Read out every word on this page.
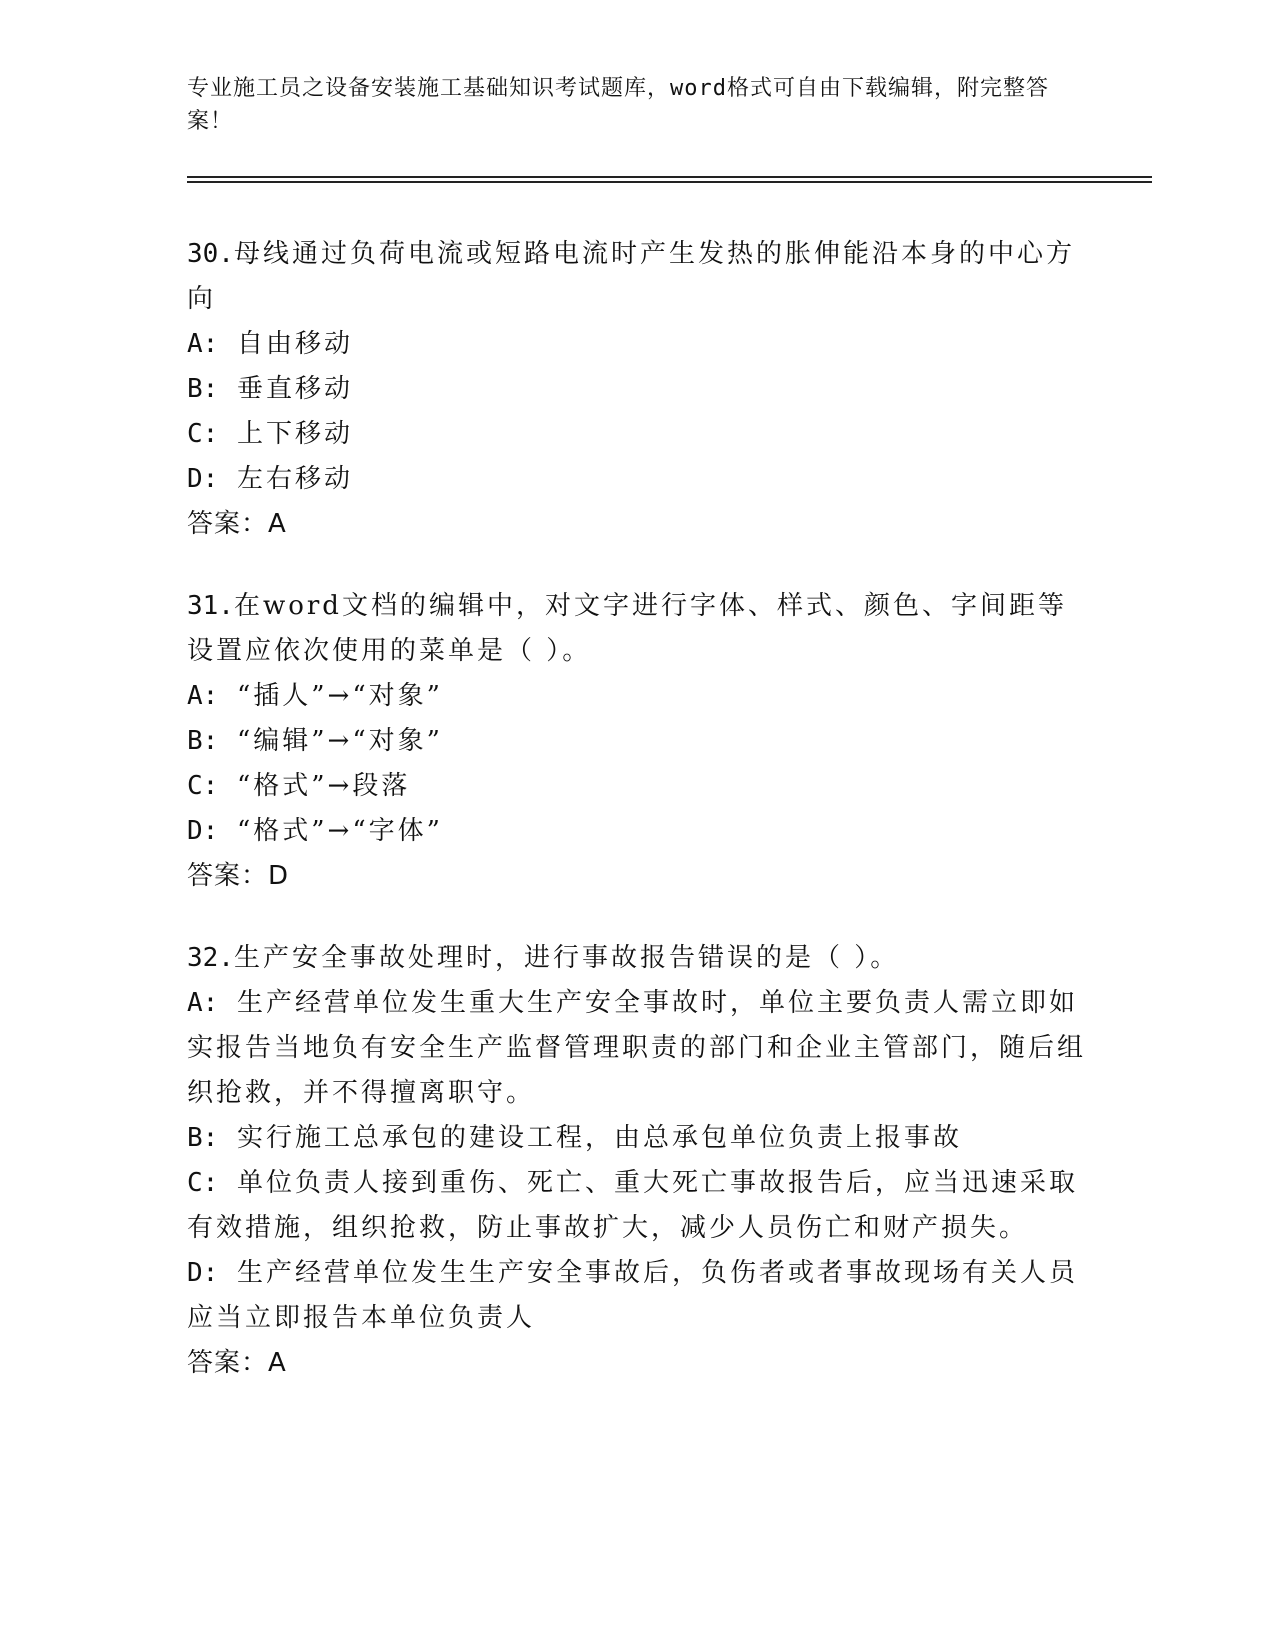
专业施工员之设备安装施工基础知识考试题库，word格式可自由下载编辑，附完整答案！
30.母线通过负荷电流或短路电流时产生发热的胀伸能沿本身的中心方向
A: 自由移动
B: 垂直移动
C: 上下移动
D: 左右移动
答案：A
31.在word文档的编辑中，对文字进行字体、样式、颜色、字间距等设置应依次使用的菜单是（ ）。
A: “插人”→“对象”
B: “编辑”→“对象”
C: “格式”→段落
D: “格式”→“字体”
答案：D
32.生产安全事故处理时，进行事故报告错误的是（ ）。
A: 生产经营单位发生重大生产安全事故时，单位主要负责人需立即如实报告当地负有安全生产监督管理职责的部门和企业主管部门，随后组织抢救，并不得擅离职守。
B: 实行施工总承包的建设工程，由总承包单位负责上报事故
C: 单位负责人接到重伤、死亡、重大死亡事故报告后，应当迅速采取有效措施，组织抢救，防止事故扩大，减少人员伤亡和财产损失。
D: 生产经营单位发生生产安全事故后，负伤者或者事故现场有关人员应当立即报告本单位负责人
答案：A
